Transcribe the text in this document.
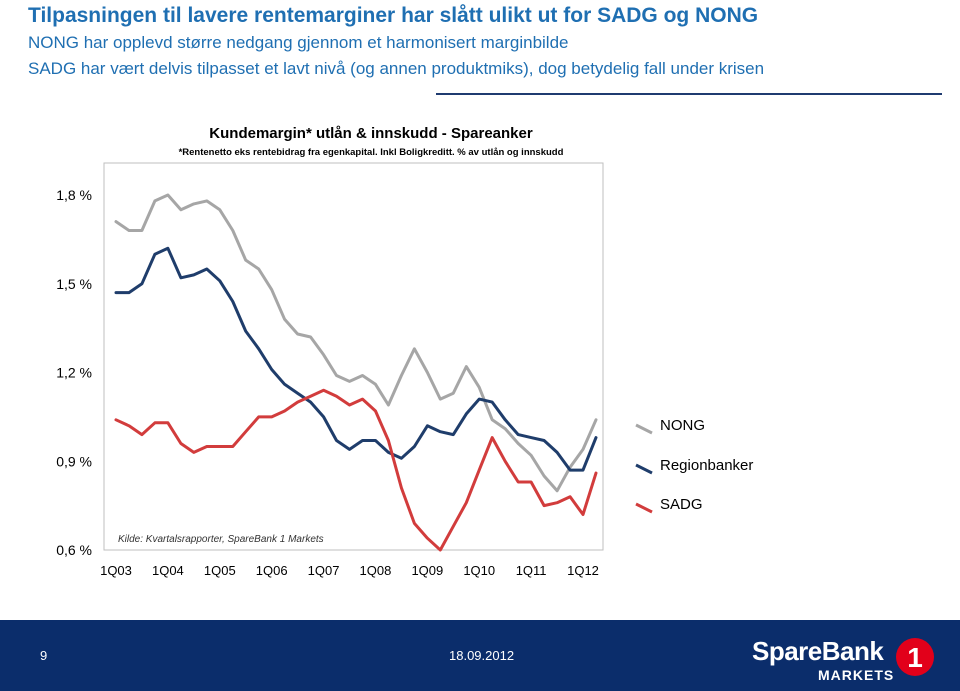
Tilpasningen til lavere rentemarginer har slått ulikt ut for SADG og NONG
NONG har opplevd større nedgang gjennom et harmonisert marginbilde
SADG har vært delvis tilpasset et lavt nivå (og annen produktmiks), dog betydelig fall under krisen
Kundemargin* utlån & innskudd - Spareanker
*Rentenetto eks rentebidrag fra egenkapital. Inkl Boligkreditt. % av utlån og innskudd
Kilde: Kvartalsrapporter, SpareBank 1 Markets
0,6 %
0,9 %
1,2 %
1,5 %
1,8 %
1Q03 1Q04 1Q05 1Q06 1Q07 1Q08 1Q09 1Q10 1Q11 1Q12
NONG
Regionbanker
SADG
9	18.09.2012	SpareBank
MARKETS
1
